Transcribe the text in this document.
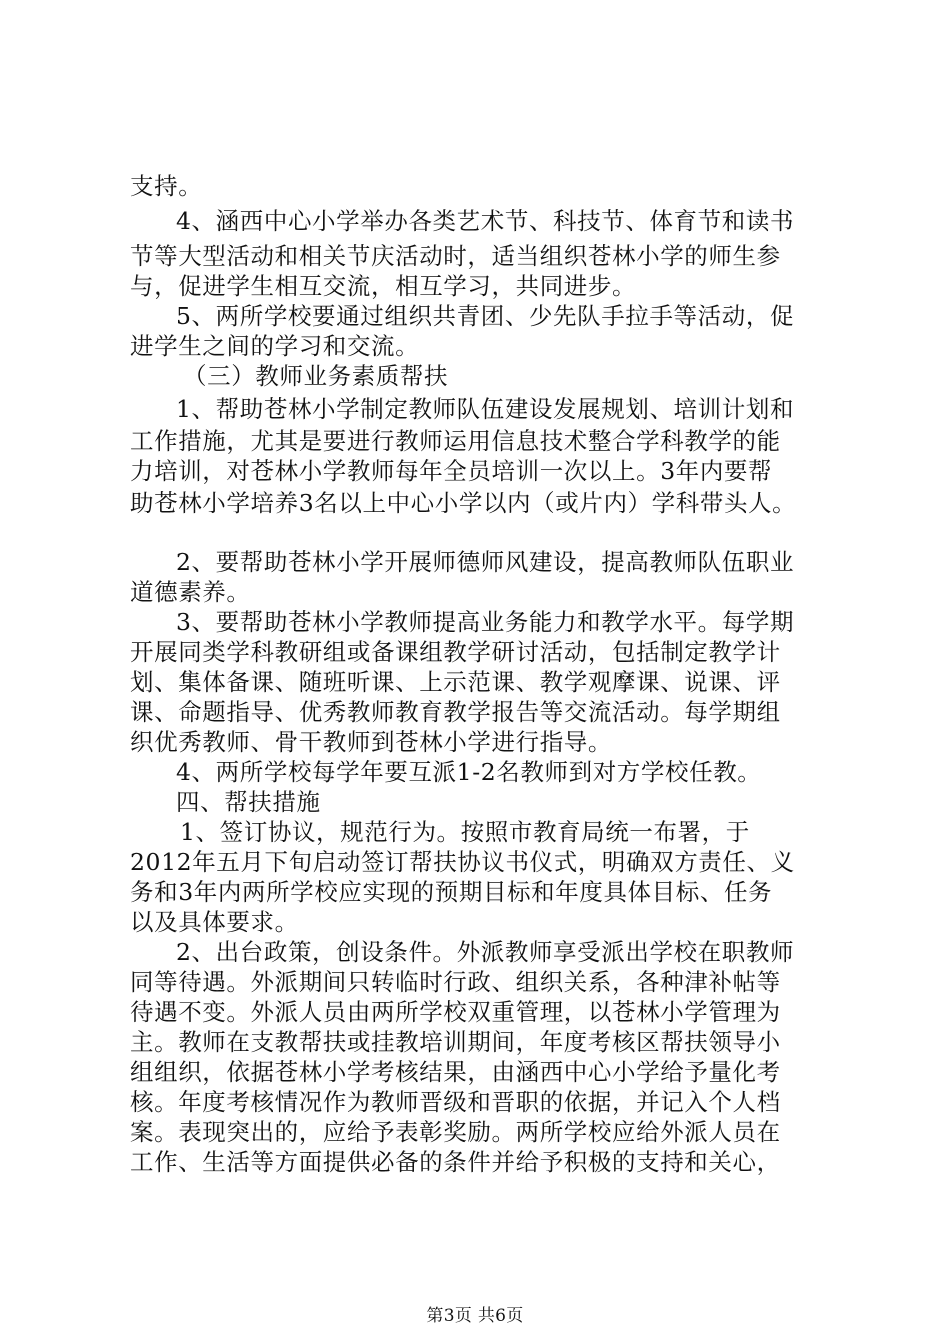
支持。
4、涵西中心小学举办各类艺术节、科技节、体育节和读书
节等大型活动和相关节庆活动时，适当组织苍林小学的师生参
与，促进学生相互交流，相互学习，共同进步。
5、两所学校要通过组织共青团、少先队手拉手等活动，促
进学生之间的学习和交流。
（三）教师业务素质帮扶
1、帮助苍林小学制定教师队伍建设发展规划、培训计划和
工作措施，尤其是要进行教师运用信息技术整合学科教学的能
力培训，对苍林小学教师每年全员培训一次以上。3年内要帮
助苍林小学培养3名以上中心小学以内（或片内）学科带头人。
2、要帮助苍林小学开展师德师风建设，提高教师队伍职业
道德素养。
3、要帮助苍林小学教师提高业务能力和教学水平。每学期
开展同类学科教研组或备课组教学研讨活动，包括制定教学计
划、集体备课、随班听课、上示范课、教学观摩课、说课、评
课、命题指导、优秀教师教育教学报告等交流活动。每学期组
织优秀教师、骨干教师到苍林小学进行指导。
4、两所学校每学年要互派1-2名教师到对方学校任教。
四、帮扶措施
1、签订协议，规范行为。按照市教育局统一布署，于
2012年五月下旬启动签订帮扶协议书仪式，明确双方责任、义
务和3年内两所学校应实现的预期目标和年度具体目标、任务
以及具体要求。
2、出台政策，创设条件。外派教师享受派出学校在职教师
同等待遇。外派期间只转临时行政、组织关系，各种津补帖等
待遇不变。外派人员由两所学校双重管理，以苍林小学管理为
主。教师在支教帮扶或挂教培训期间，年度考核区帮扶领导小
组组织，依据苍林小学考核结果，由涵西中心小学给予量化考
核。年度考核情况作为教师晋级和晋职的依据，并记入个人档
案。表现突出的，应给予表彰奖励。两所学校应给外派人员在
工作、生活等方面提供必备的条件并给予积极的支持和关心，
第3页 共6页
